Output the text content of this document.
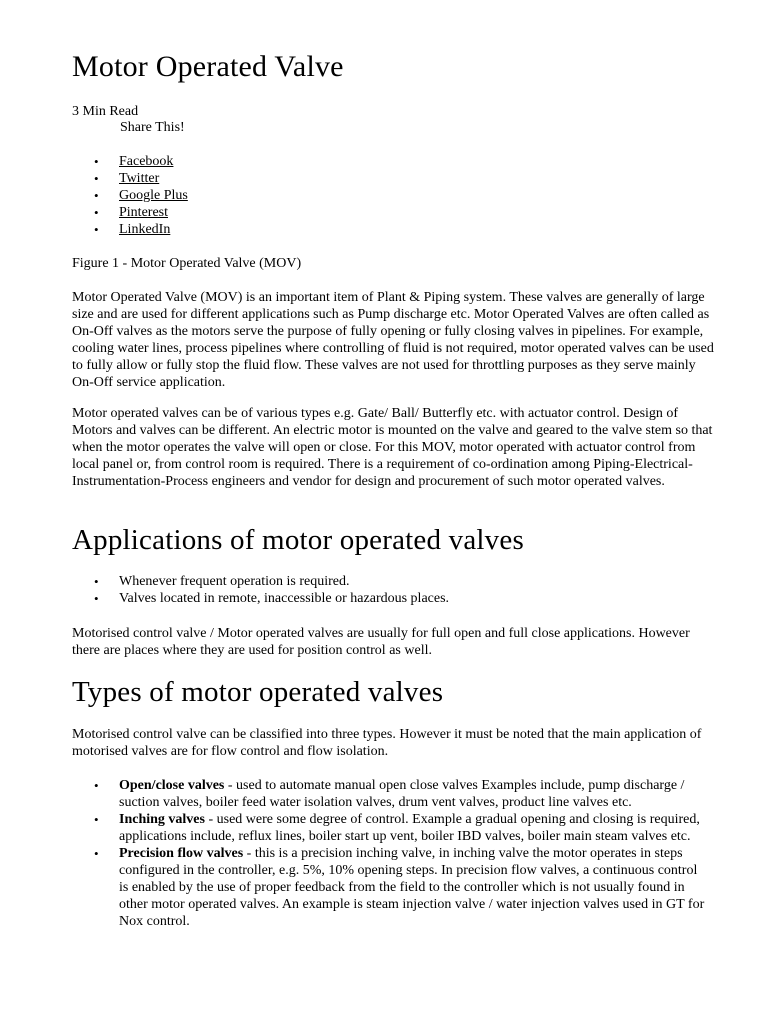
Motor Operated Valve
3 Min Read
Share This!
• Facebook
• Twitter
• Google Plus
• Pinterest
• LinkedIn
Figure 1 - Motor Operated Valve (MOV)

Motor Operated Valve (MOV) is an important item of Plant & Piping system. These valves are generally of large size and are used for different applications such as Pump discharge etc. Motor Operated Valves are often called as On-Off valves as the motors serve the purpose of fully opening or fully closing valves in pipelines. For example, cooling water lines, process pipelines where controlling of fluid is not required, motor operated valves can be used to fully allow or fully stop the fluid flow. These valves are not used for throttling purposes as they serve mainly On-Off service application.

Motor operated valves can be of various types e.g. Gate/ Ball/ Butterfly etc. with actuator control. Design of Motors and valves can be different. An electric motor is mounted on the valve and geared to the valve stem so that when the motor operates the valve will open or close. For this MOV, motor operated with actuator control from local panel or, from control room is required. There is a requirement of co-ordination among Piping-Electrical-Instrumentation-Process engineers and vendor for design and procurement of such motor operated valves.

Applications of motor operated valves
• Whenever frequent operation is required.
• Valves located in remote, inaccessible or hazardous places.

Motorised control valve / Motor operated valves are usually for full open and full close applications. However there are places where they are used for position control as well.

Types of motor operated valves

Motorised control valve can be classified into three types. However it must be noted that the main application of motorised valves are for flow control and flow isolation.

• Open/close valves - used to automate manual open close valves Examples include, pump discharge / suction valves, boiler feed water isolation valves, drum vent valves, product line valves etc.
• Inching valves - used were some degree of control. Example a gradual opening and closing is required, applications include, reflux lines, boiler start up vent, boiler IBD valves, boiler main steam valves etc.
• Precision flow valves - this is a precision inching valve, in inching valve the motor operates in steps configured in the controller, e.g. 5%, 10% opening steps. In precision flow valves, a continuous control is enabled by the use of proper feedback from the field to the controller which is not usually found in other motor operated valves. An example is steam injection valve / water injection valves used in GT for Nox control.
